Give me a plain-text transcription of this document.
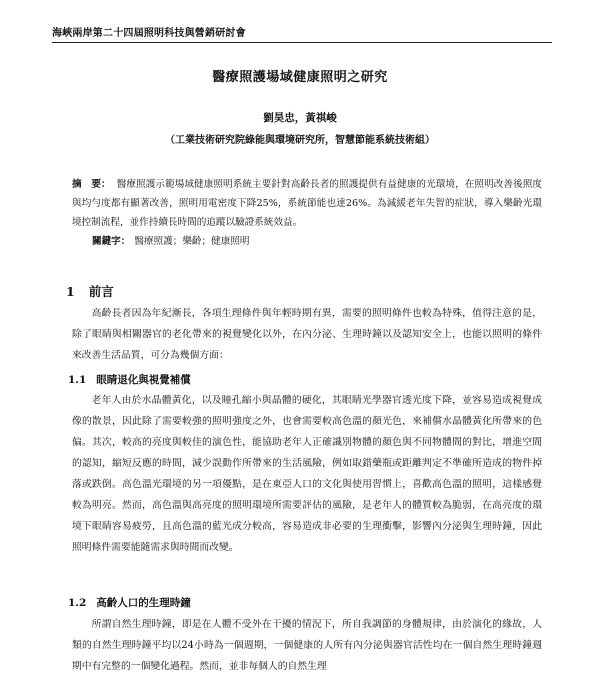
海峽兩岸第二十四屆照明科技與營銷研討會
醫療照護場域健康照明之研究
劉昊忠，黃祺峻
（工業技術研究院綠能與環境研究所，智慧節能系統技術組）
摘　要： 醫療照護示範場域健康照明系統主要針對高齡長者的照護提供有益健康的光環境，在照明改善後照度與均勻度都有顯著改善，照明用電密度下降25%，系統節能也達26%。為減緩老年失智的症狀，導入樂齡光環境控制流程，並作持續長時間的追蹤以驗證系統效益。
關鍵字： 醫療照護；樂齡；健康照明
1 前言
高齡長者因為年紀漸長，各項生理條件與年輕時期有異，需要的照明條件也較為特殊，值得注意的是，除了眼睛與相關器官的老化帶來的視覺變化以外，在內分泌、生理時鐘以及認知安全上，也能以照明的條件來改善生活品質，可分為幾個方面：
1.1 眼睛退化與視覺補償
老年人由於水晶體黃化，以及瞳孔縮小與晶體的硬化，其眼睛光學器官透光度下降，並容易造成視覺成像的散景，因此除了需要較強的照明強度之外，也會需要較高色溫的顏光色，來補償水晶體黃化所帶來的色偏。其次，較高的亮度與較佳的演色性，能協助老年人正確識別物體的顏色與不同物體間的對比，增進空間的認知，縮短反應的時間，減少誤動作所帶來的生活風險，例如取錯藥瓶或距離判定不準確所造成的物件掉落或跌倒。高色溫光環境的另一項優點，是在東亞人口的文化與使用習慣上，喜歡高色溫的照明，這樣感覺較為明亮。然而，高色溫與高亮度的照明環境所需要評估的風險，是老年人的體質較為脆弱，在高亮度的環境下眼睛容易疲勞，且高色溫的藍光成分較高，容易造成非必要的生理衝擊，影響內分泌與生理時鐘，因此照明條件需要能隨需求與時間而改變。
1.2 高齡人口的生理時鐘
所謂自然生理時鐘，即是在人體不受外在干擾的情況下，所自我調節的身體規律，由於演化的緣故，人類的自然生理時鐘平均以24小時為一個週期，一個健康的人所有內分泌與器官活性均在一個自然生理時鐘週期中有完整的一個變化過程。然而，並非每個人的自然生理
